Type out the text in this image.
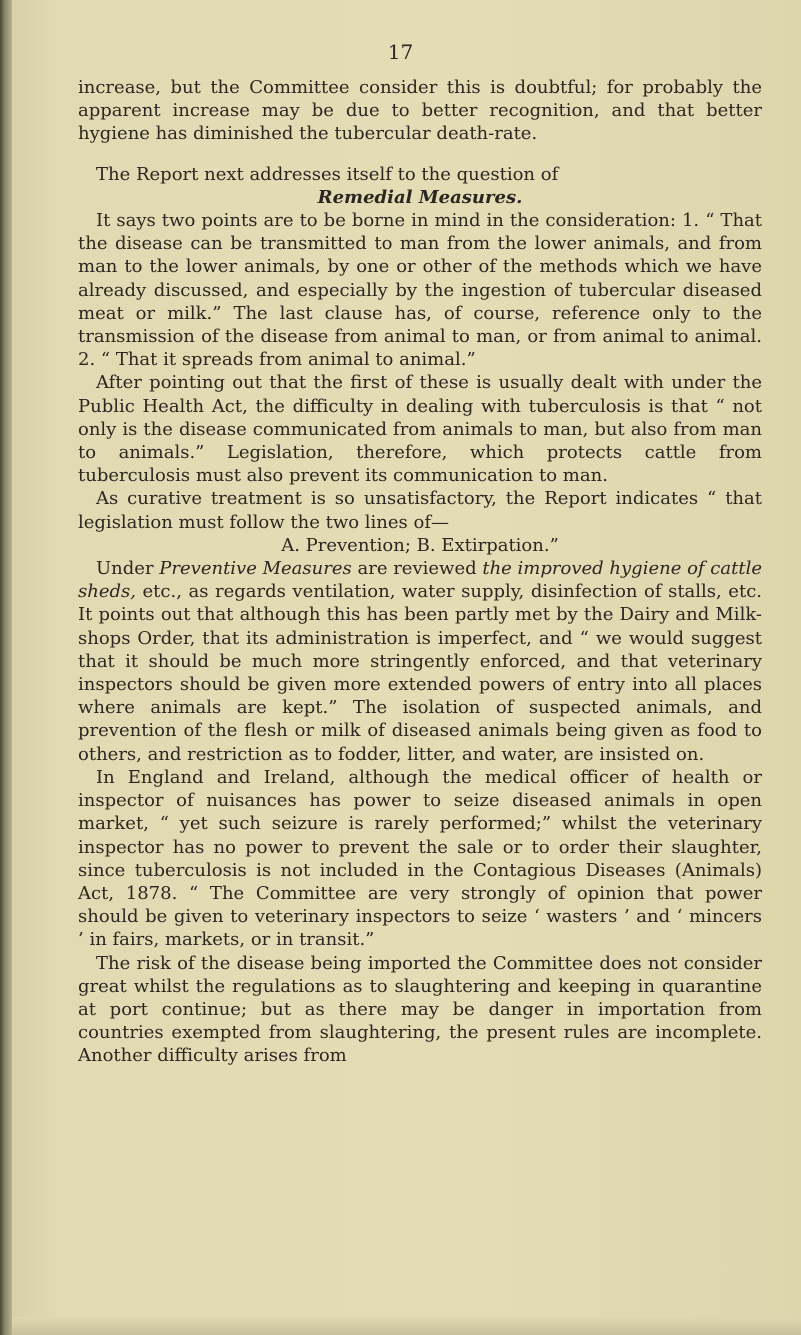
17

increase, but the Committee consider this is doubtful; for probably the apparent increase may be due to better recognition, and that better hygiene has diminished the tubercular death-rate.

The Report next addresses itself to the question of

Remedial Measures.

It says two points are to be borne in mind in the consideration: 1. “ That the disease can be transmitted to man from the lower animals, and from man to the lower animals, by one or other of the methods which we have already discussed, and especially by the ingestion of tubercular diseased meat or milk.” The last clause has, of course, reference only to the transmission of the disease from animal to man, or from animal to animal. 2. “ That it spreads from animal to animal.”

After pointing out that the first of these is usually dealt with under the Public Health Act, the difficulty in dealing with tuberculosis is that “ not only is the disease communicated from animals to man, but also from man to animals.” Legislation, therefore, which protects cattle from tuberculosis must also prevent its communication to man.

As curative treatment is so unsatisfactory, the Report indicates “ that legislation must follow the two lines of—

A. Prevention; B. Extirpation.”

Under Preventive Measures are reviewed the improved hygiene of cattle sheds, etc., as regards ventilation, water supply, disinfection of stalls, etc. It points out that although this has been partly met by the Dairy and Milk-shops Order, that its administration is imperfect, and “ we would suggest that it should be much more stringently enforced, and that veterinary inspectors should be given more extended powers of entry into all places where animals are kept.” The isolation of suspected animals, and prevention of the flesh or milk of diseased animals being given as food to others, and restriction as to fodder, litter, and water, are insisted on.

In England and Ireland, although the medical officer of health or inspector of nuisances has power to seize diseased animals in open market, “ yet such seizure is rarely performed;” whilst the veterinary inspector has no power to prevent the sale or to order their slaughter, since tuberculosis is not included in the Contagious Diseases (Animals) Act, 1878. “ The Committee are very strongly of opinion that power should be given to veterinary inspectors to seize ‘ wasters ’ and ‘ mincers ’ in fairs, markets, or in transit.”

The risk of the disease being imported the Committee does not consider great whilst the regulations as to slaughtering and keeping in quarantine at port continue; but as there may be danger in importation from countries exempted from slaughtering, the present rules are incomplete. Another difficulty arises from
